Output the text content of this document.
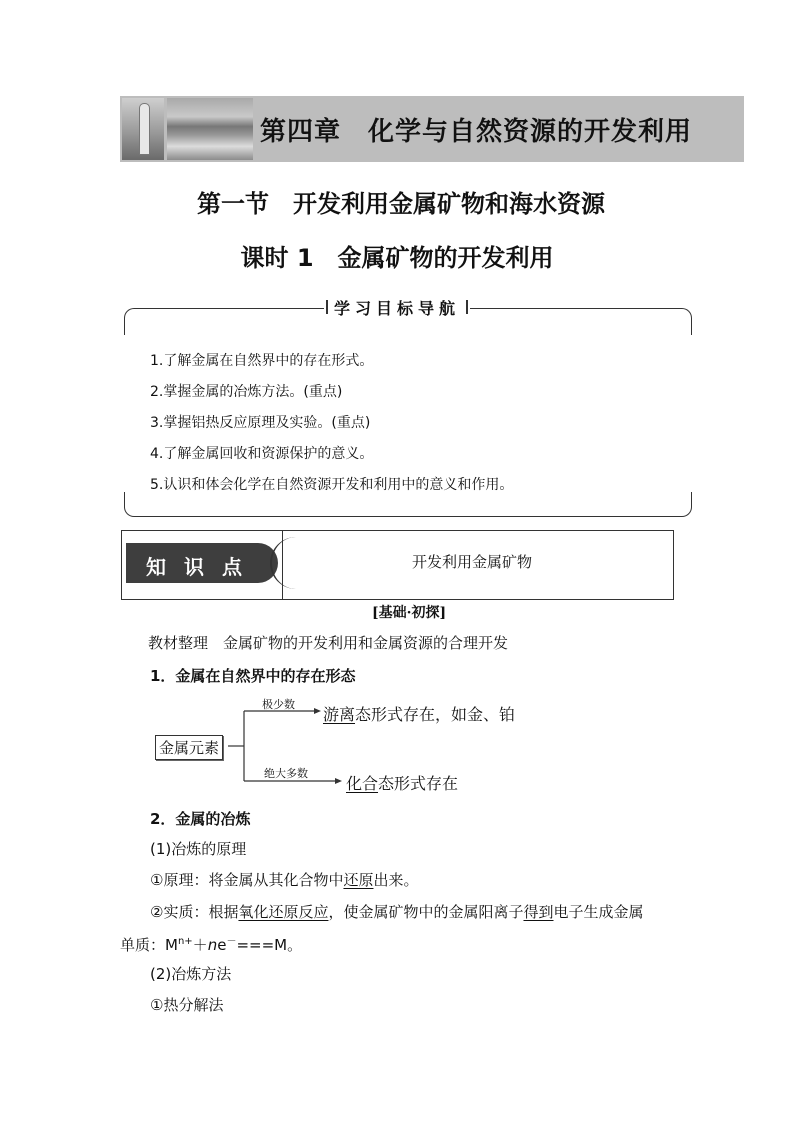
第四章　化学与自然资源的开发利用
第一节　开发利用金属矿物和海水资源
课时 1　金属矿物的开发利用
学习目标导航
1.了解金属在自然界中的存在形式。
2.掌握金属的冶炼方法。(重点)
3.掌握铝热反应原理及实验。(重点)
4.了解金属回收和资源保护的意义。
5.认识和体会化学在自然资源开发和利用中的意义和作用。
知识点	开发利用金属矿物
[基础·初探]
教材整理　金属矿物的开发利用和金属资源的合理开发
1．金属在自然界中的存在形态
金属元素
极少数
游离态形式存在，如金、铂
绝大多数
化合态形式存在
2．金属的冶炼
(1)冶炼的原理
①原理：将金属从其化合物中还原出来。
②实质：根据氧化还原反应，使金属矿物中的金属阳离子得到电子生成金属
单质：$M^{n+}+ne^-===M$。
(2)冶炼方法
①热分解法
